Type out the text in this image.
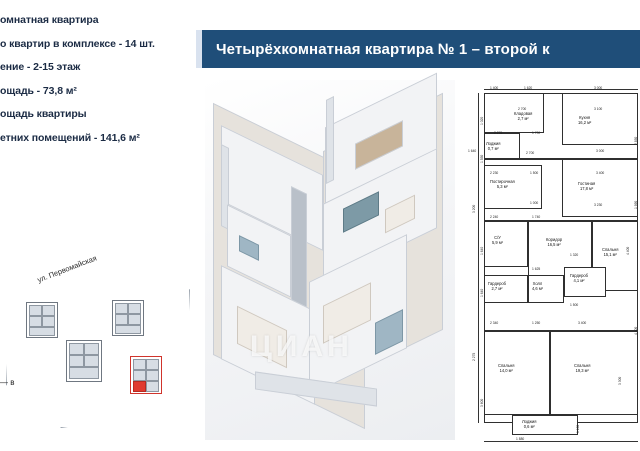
омнатная квартира

о квартир в комплексе - 14 шт.

ение - 2-15 этаж

ощадь - 73,8 м²

ощадь квартиры

етних помещений - 141,6 м²

Четырёхкомнатная квартира № 1 – второй к
ЦИАН
Кладовая
2,7 м²	Кухня
16,2 м²
Лоджия
0,7 м²
Постирочная
5,3 м²
Гостиная
17,8 м²
С/У
5,9 м²
Коридор
16,5 м²
Спальня
15,1 м²
Гардероб
4,1 м²
Гардероб
2,7 м²
Холл
4,6 м²
Спальня
14,0 м²
Спальня
19,3 м²
Лоджия
0,6 м²
1 400	1 620	3 000
2 700	3 100
2 276	1 700
1 640	2 700	3 000
2 230	1 500	3 400
1 000	3 230
2 240	1 740
1 320
1 625
1 500
2 340	1 250	3 400
1 880
1 020
1 550
3 200
1 640
1 640
2 275
3 600
2 850
1 990
4 400
4 400
3 300
1 100
ул. Первомайская
— в
